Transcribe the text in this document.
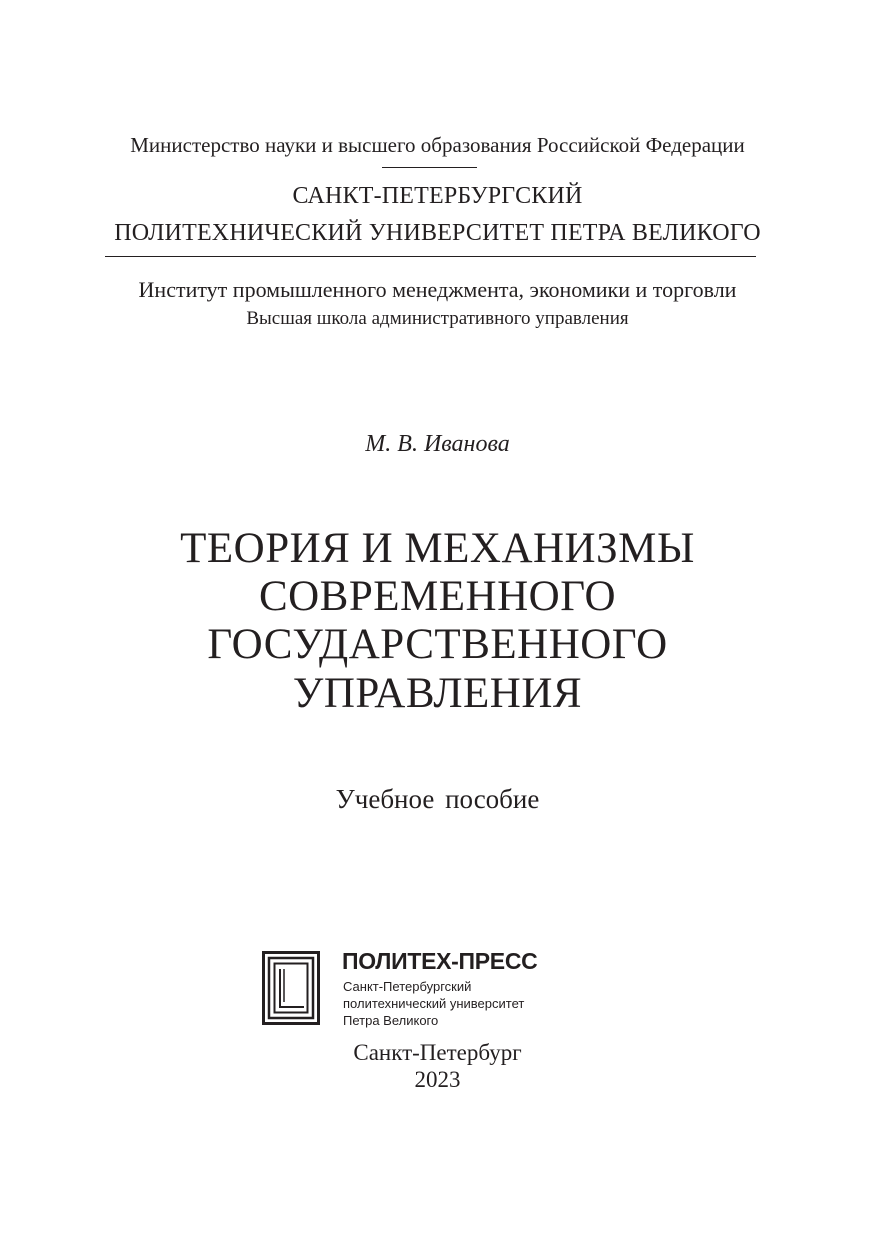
Министерство науки и высшего образования Российской Федерации
САНКТ-ПЕТЕРБУРГСКИЙ
ПОЛИТЕХНИЧЕСКИЙ УНИВЕРСИТЕТ ПЕТРА ВЕЛИКОГО
Институт промышленного менеджмента, экономики и торговли
Высшая школа административного управления
М. В. Иванова
ТЕОРИЯ И МЕХАНИЗМЫ
СОВРЕМЕННОГО
ГОСУДАРСТВЕННОГО
УПРАВЛЕНИЯ
Учебное пособие
ПОЛИТЕХ-ПРЕСС
Санкт-Петербургский
политехнический университет
Петра Великого
Санкт-Петербург
2023
